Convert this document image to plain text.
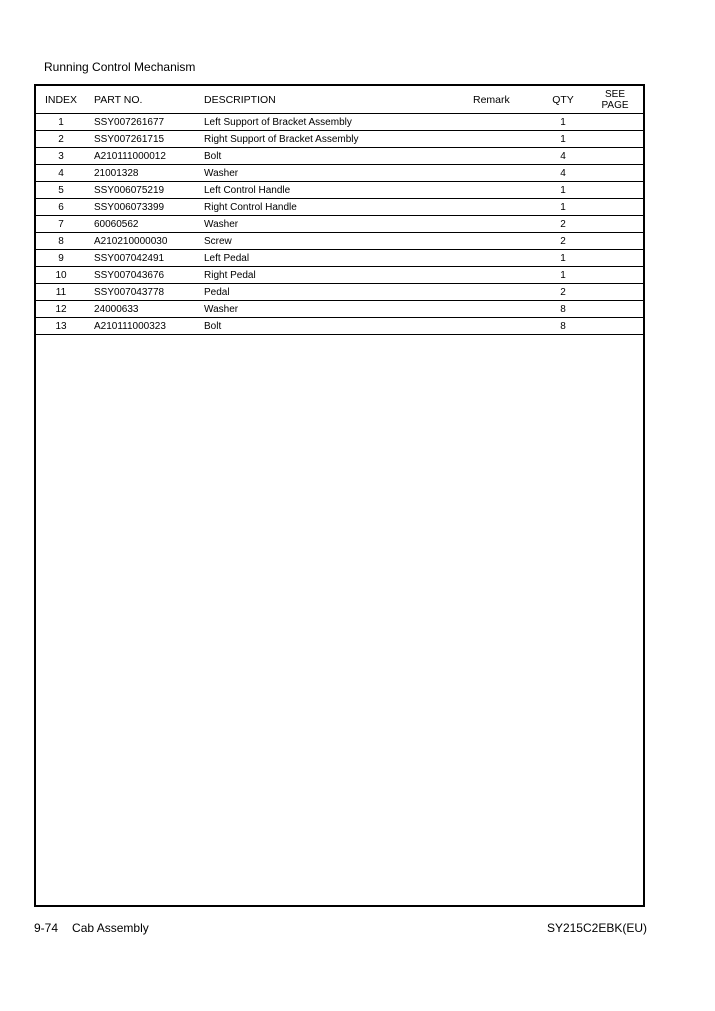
Running Control Mechanism
INDEX	PART NO.	DESCRIPTION	Remark	QTY	SEE
PAGE
1	SSY007261677	Left Support of Bracket Assembly		1	
2	SSY007261715	Right Support of Bracket Assembly		1	
3	A210111000012	Bolt		4	
4	21001328	Washer		4	
5	SSY006075219	Left Control Handle		1	
6	SSY006073399	Right Control Handle		1	
7	60060562	Washer		2	
8	A210210000030	Screw		2	
9	SSY007042491	Left Pedal		1	
10	SSY007043676	Right Pedal		1	
11	SSY007043778	Pedal		2	
12	24000633	Washer		8	
13	A210111000323	Bolt		8	
9-74 Cab Assembly	SY215C2EBK(EU)
